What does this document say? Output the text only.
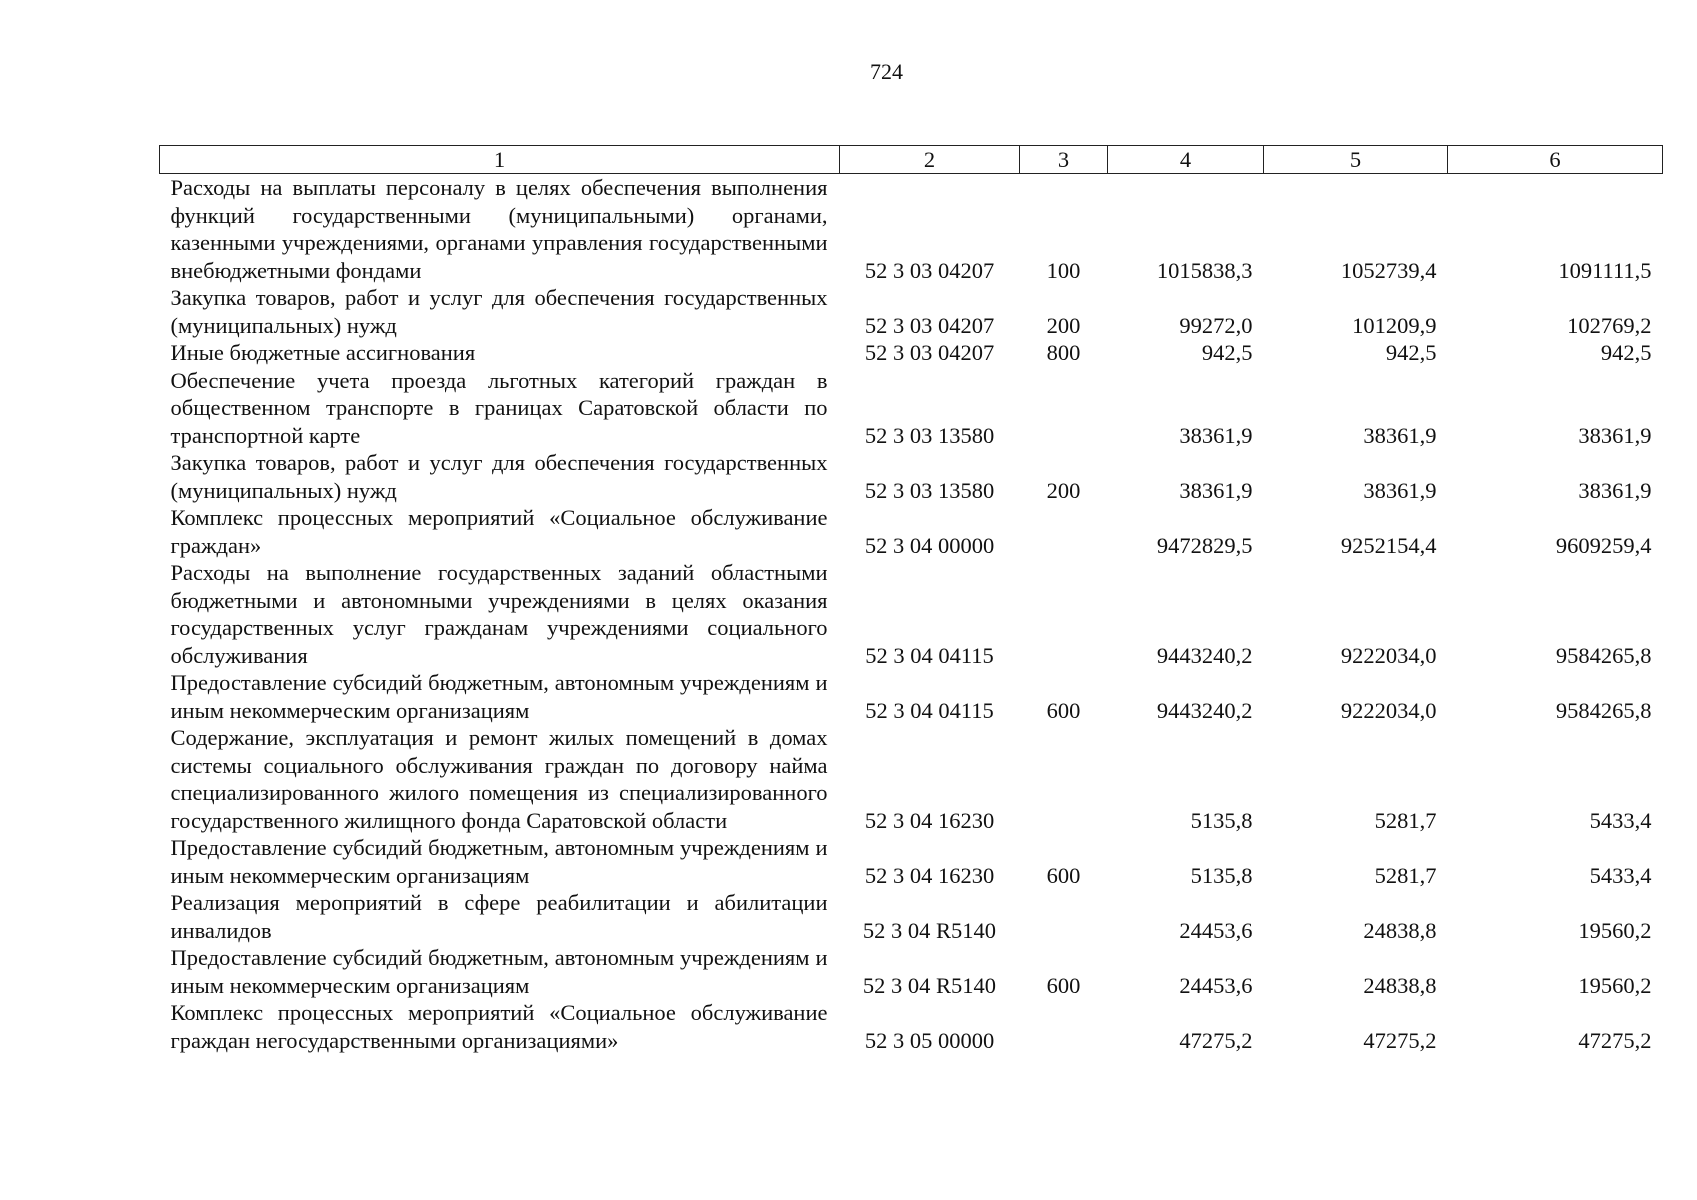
724
1	2	3	4	5	6
Расходы на выплаты персоналу в целях обеспечения выполнения функций государственными (муниципальными) органами, казенными учреждениями, органами управления государственными внебюджетными фондами	52 3 03 04207	100	1015838,3	1052739,4	1091111,5
Закупка товаров, работ и услуг для обеспечения государственных (муниципальных) нужд	52 3 03 04207	200	99272,0	101209,9	102769,2
Иные бюджетные ассигнования	52 3 03 04207	800	942,5	942,5	942,5
Обеспечение учета проезда льготных категорий граждан в общественном транспорте в границах Саратовской области по транспортной карте	52 3 03 13580		38361,9	38361,9	38361,9
Закупка товаров, работ и услуг для обеспечения государственных (муниципальных) нужд	52 3 03 13580	200	38361,9	38361,9	38361,9
Комплекс процессных мероприятий «Социальное обслуживание граждан»	52 3 04 00000		9472829,5	9252154,4	9609259,4
Расходы на выполнение государственных заданий областными бюджетными и автономными учреждениями в целях оказания государственных услуг гражданам учреждениями социального обслуживания	52 3 04 04115		9443240,2	9222034,0	9584265,8
Предоставление субсидий бюджетным, автономным учреждениям и иным некоммерческим организациям	52 3 04 04115	600	9443240,2	9222034,0	9584265,8
Содержание, эксплуатация и ремонт жилых помещений в домах системы социального обслуживания граждан по договору найма специализированного жилого помещения из специализированного государственного жилищного фонда Саратовской области	52 3 04 16230		5135,8	5281,7	5433,4
Предоставление субсидий бюджетным, автономным учреждениям и иным некоммерческим организациям	52 3 04 16230	600	5135,8	5281,7	5433,4
Реализация мероприятий в сфере реабилитации и абилитации инвалидов	52 3 04 R5140		24453,6	24838,8	19560,2
Предоставление субсидий бюджетным, автономным учреждениям и иным некоммерческим организациям	52 3 04 R5140	600	24453,6	24838,8	19560,2
Комплекс процессных мероприятий «Социальное обслуживание граждан негосударственными организациями»	52 3 05 00000		47275,2	47275,2	47275,2
